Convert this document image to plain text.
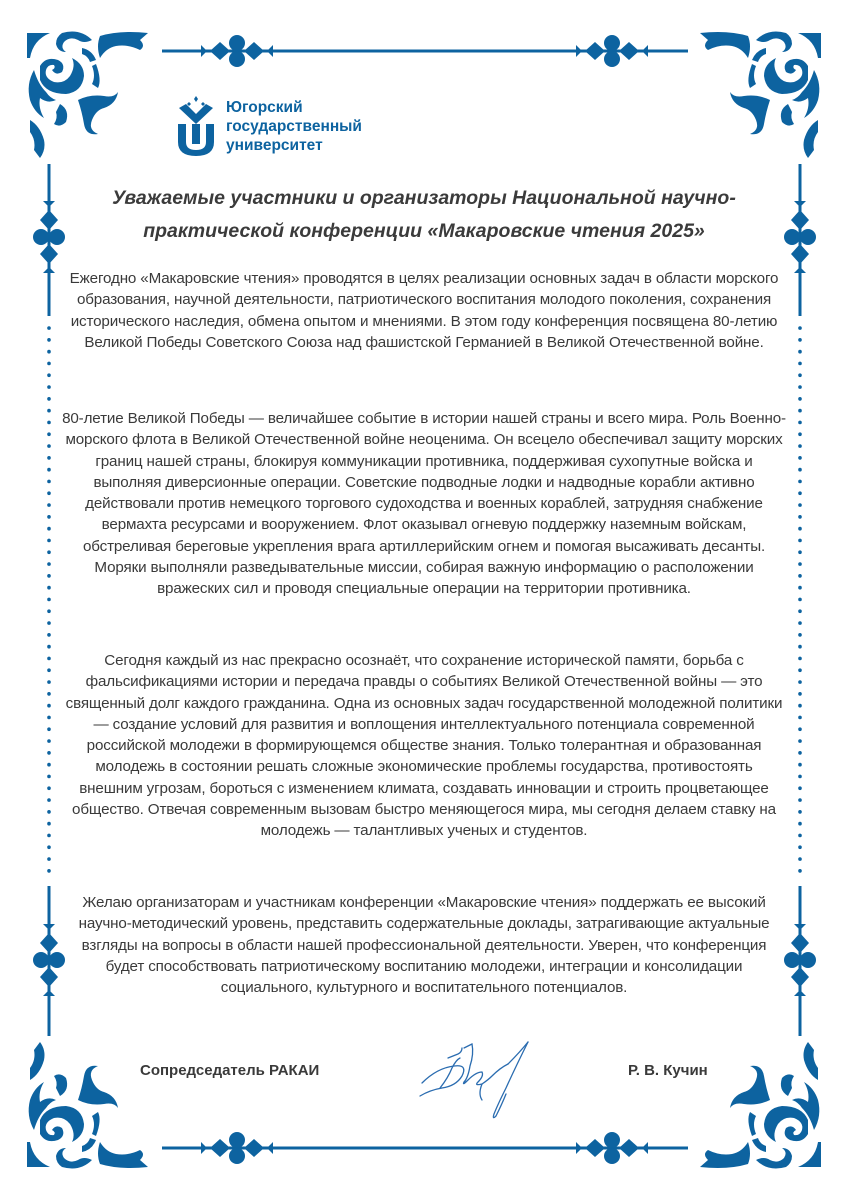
Югорский
государственный
университет
Уважаемые участники и организаторы Национальной научно-
практической конференции «Макаровские чтения 2025»
Ежегодно «Макаровские чтения» проводятся в целях реализации основных задач в области морского образования, научной деятельности, патриотического воспитания молодого поколения, сохранения исторического наследия, обмена опытом и мнениями. В этом году конференция посвящена 80-летию Великой Победы Советского Союза над фашистской Германией в Великой Отечественной войне.
80-летие Великой Победы — величайшее событие в истории нашей страны и всего мира. Роль Военно-морского флота в Великой Отечественной войне неоценима. Он всецело обеспечивал защиту морских границ нашей страны, блокируя коммуникации противника, поддерживая сухопутные войска и выполняя диверсионные операции. Советские подводные лодки и надводные корабли активно действовали против немецкого торгового судоходства и военных кораблей, затрудняя снабжение вермахта ресурсами и вооружением. Флот оказывал огневую поддержку наземным войскам, обстреливая береговые укрепления врага артиллерийским огнем и помогая высаживать десанты. Моряки выполняли разведывательные миссии, собирая важную информацию о расположении вражеских сил и проводя специальные операции на территории противника.
Сегодня каждый из нас прекрасно осознаёт, что сохранение исторической памяти, борьба с фальсификациями истории и передача правды о событиях Великой Отечественной войны — это священный долг каждого гражданина. Одна из основных задач государственной молодежной политики — создание условий для развития и воплощения интеллектуального потенциала современной российской молодежи в формирующемся обществе знания. Только толерантная и образованная молодежь в состоянии решать сложные экономические проблемы государства, противостоять внешним угрозам, бороться с изменением климата, создавать инновации и строить процветающее общество. Отвечая современным вызовам быстро меняющегося мира, мы сегодня делаем ставку на молодежь — талантливых ученых и студентов.
Желаю организаторам и участникам конференции «Макаровские чтения» поддержать ее высокий научно-методический уровень, представить содержательные доклады, затрагивающие актуальные взгляды на вопросы в области нашей профессиональной деятельности. Уверен, что конференция будет способствовать патриотическому воспитанию молодежи, интеграции и консолидации социального, культурного и воспитательного потенциалов.
Сопредседатель РАКАИ	Р. В. Кучин
